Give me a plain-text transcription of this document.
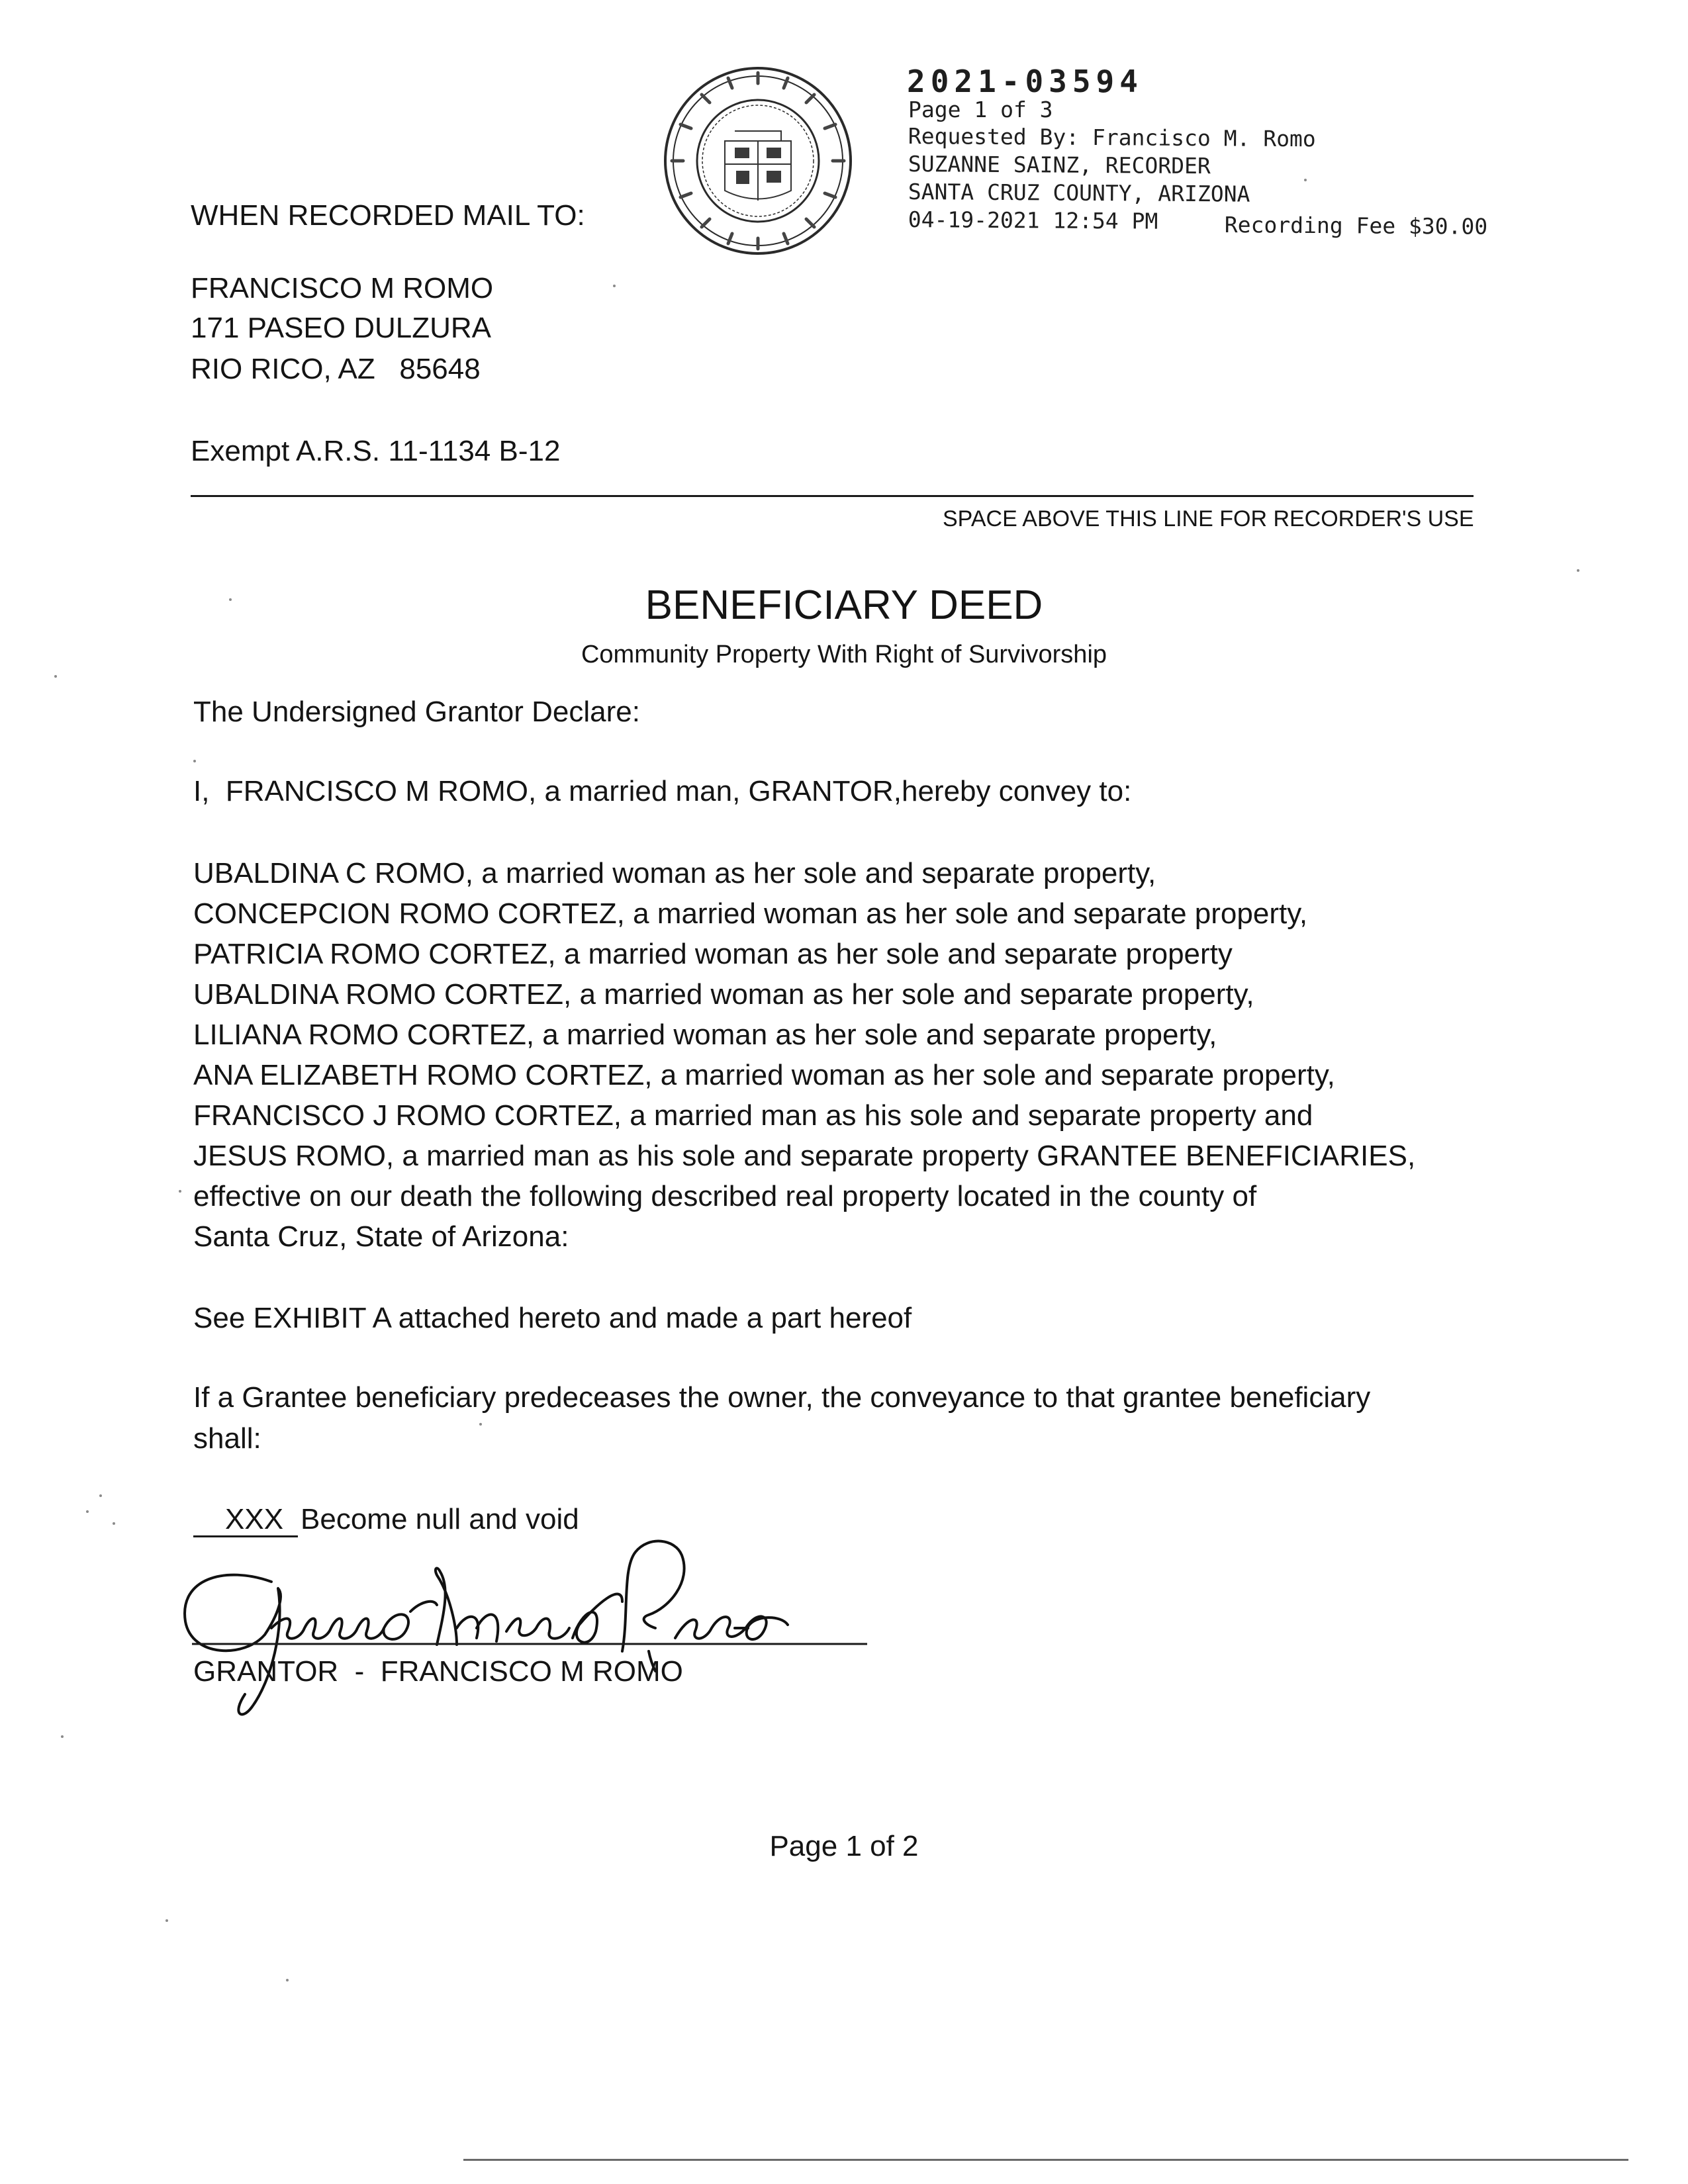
2021-03594
Page 1 of 3
Requested By: Francisco M. Romo
SUZANNE SAINZ, RECORDER
SANTA CRUZ COUNTY, ARIZONA
04-19-2021 12:54 PM	Recording Fee $30.00
WHEN RECORDED MAIL TO:
FRANCISCO M ROMO
171 PASEO DULZURA
RIO RICO, AZ   85648
Exempt A.R.S. 11-1134 B-12
SPACE ABOVE THIS LINE FOR RECORDER'S USE
BENEFICIARY DEED
Community Property With Right of Survivorship
The Undersigned Grantor Declare:
I,  FRANCISCO M ROMO, a married man, GRANTOR,hereby convey to:
UBALDINA C ROMO, a married woman as her sole and separate property,
CONCEPCION ROMO CORTEZ, a married woman as her sole and separate property,
PATRICIA ROMO CORTEZ, a married woman as her sole and separate property
UBALDINA ROMO CORTEZ, a married woman as her sole and separate property,
LILIANA ROMO CORTEZ, a married woman as her sole and separate property,
ANA ELIZABETH ROMO CORTEZ, a married woman as her sole and separate property,
FRANCISCO J ROMO CORTEZ, a married man as his sole and separate property and
JESUS ROMO, a married man as his sole and separate property GRANTEE BENEFICIARIES,
effective on our death the following described real property located in the county of
Santa Cruz, State of Arizona:
See EXHIBIT A attached hereto and made a part hereof
If a Grantee beneficiary predeceases the owner, the conveyance to that grantee beneficiary
shall:
XXX Become null and void
GRANTOR  -  FRANCISCO M ROMO
Page 1 of 2
